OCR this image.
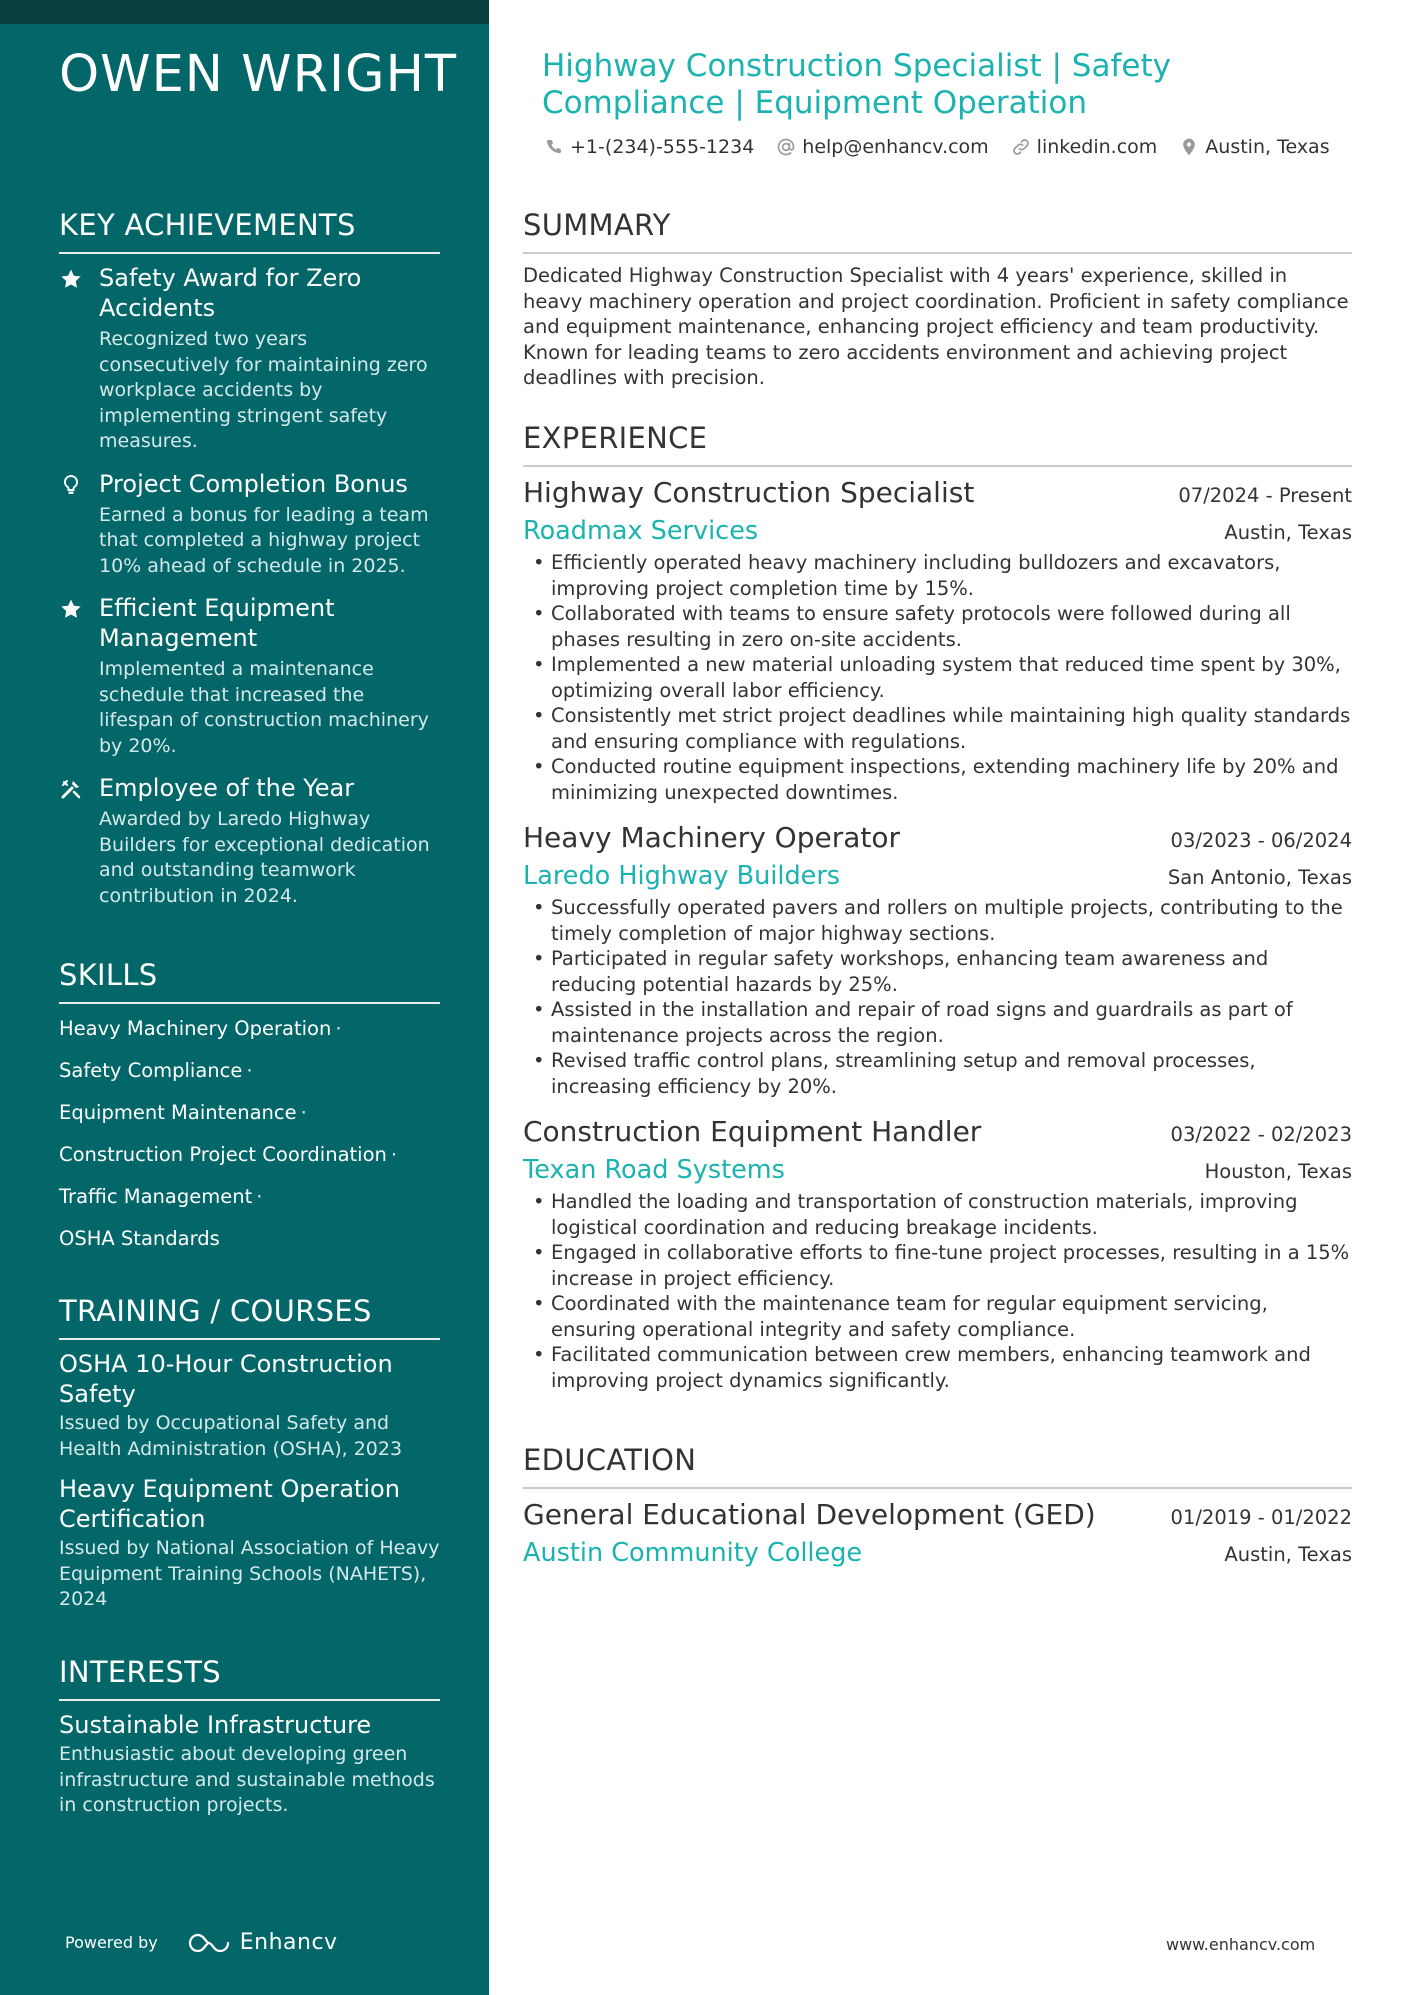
OWEN WRIGHT
KEY ACHIEVEMENTS
Safety Award for Zero Accidents
Recognized two years consecutively for maintaining zero workplace accidents by implementing stringent safety measures.
Project Completion Bonus
Earned a bonus for leading a team that completed a highway project 10% ahead of schedule in 2025.
Efficient Equipment Management
Implemented a maintenance schedule that increased the lifespan of construction machinery by 20%.
Employee of the Year
Awarded by Laredo Highway Builders for exceptional dedication and outstanding teamwork contribution in 2024.
SKILLS
Heavy Machinery Operation ·
Safety Compliance ·
Equipment Maintenance ·
Construction Project Coordination ·
Traffic Management ·
OSHA Standards
TRAINING / COURSES
OSHA 10-Hour Construction Safety
Issued by Occupational Safety and Health Administration (OSHA), 2023
Heavy Equipment Operation Certification
Issued by National Association of Heavy Equipment Training Schools (NAHETS), 2024
INTERESTS
Sustainable Infrastructure
Enthusiastic about developing green infrastructure and sustainable methods in construction projects.
Powered by	Enhancv
Highway Construction Specialist | Safety Compliance | Equipment Operation
+1-(234)-555-1234	help@enhancv.com	linkedin.com	Austin, Texas
SUMMARY

Dedicated Highway Construction Specialist with 4 years' experience, skilled in heavy machinery operation and project coordination. Proficient in safety compliance and equipment maintenance, enhancing project efficiency and team productivity. Known for leading teams to zero accidents environment and achieving project deadlines with precision.

EXPERIENCE
Highway Construction Specialist	07/2024 - Present
Roadmax Services	Austin, Texas
• Efficiently operated heavy machinery including bulldozers and excavators, improving project completion time by 15%.
• Collaborated with teams to ensure safety protocols were followed during all phases resulting in zero on-site accidents.
• Implemented a new material unloading system that reduced time spent by 30%, optimizing overall labor efficiency.
• Consistently met strict project deadlines while maintaining high quality standards and ensuring compliance with regulations.
• Conducted routine equipment inspections, extending machinery life by 20% and minimizing unexpected downtimes.
Heavy Machinery Operator	03/2023 - 06/2024
Laredo Highway Builders	San Antonio, Texas
• Successfully operated pavers and rollers on multiple projects, contributing to the timely completion of major highway sections.
• Participated in regular safety workshops, enhancing team awareness and reducing potential hazards by 25%.
• Assisted in the installation and repair of road signs and guardrails as part of maintenance projects across the region.
• Revised traffic control plans, streamlining setup and removal processes, increasing efficiency by 20%.
Construction Equipment Handler	03/2022 - 02/2023
Texan Road Systems	Houston, Texas
• Handled the loading and transportation of construction materials, improving logistical coordination and reducing breakage incidents.
• Engaged in collaborative efforts to fine-tune project processes, resulting in a 15% increase in project efficiency.
• Coordinated with the maintenance team for regular equipment servicing, ensuring operational integrity and safety compliance.
• Facilitated communication between crew members, enhancing teamwork and improving project dynamics significantly.
EDUCATION
General Educational Development (GED)	01/2019 - 01/2022
Austin Community College	Austin, Texas
www.enhancv.com
